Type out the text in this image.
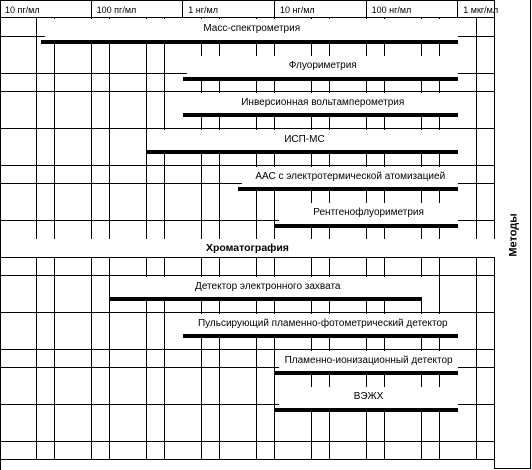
Методы
10 пг/мл	100 пг/мл	1 нг/мл	10 нг/мл	100 нг/мл	1 мкг/мл
Масс-спектрометрия
Флуориметрия
Инверсионная вольтамперометрия
ИСП-МС
ААС с электротермической атомизацией
Рентгенофлуориметрия
Хроматография
Детектор электронного захвата
Пульсирующий пламенно-фотометрический детектор
Пламенно-ионизационный детектор
ВЭЖХ
